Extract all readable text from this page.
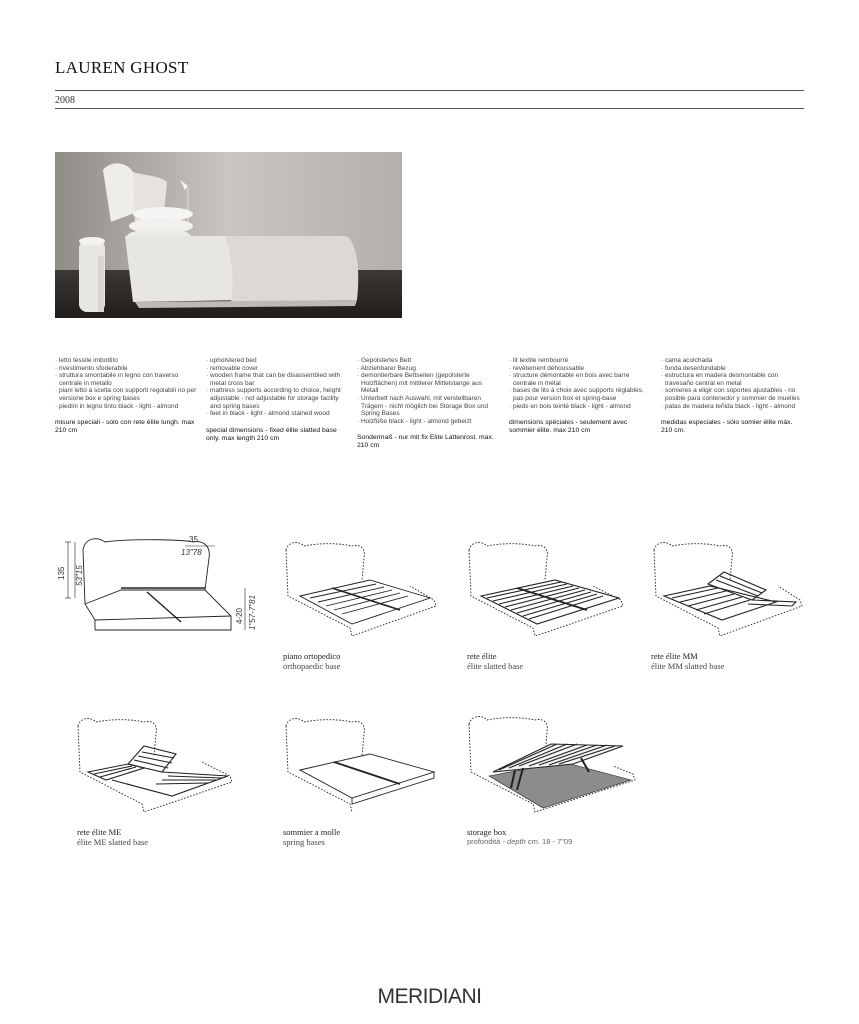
LAUREN GHOST
2008
· letto tessile imbottito
· rivestimento sfoderabile
· struttura smontabile in legno con traverso centrale in metallo
· piani letto a scelta con supporti regolabili no per versione box e spring bases
· piedini in legno tinto black - light - almond
misure speciali - solo con rete élite lungh. max 210 cm
· upholstered bed
· removable cover
· wooden frame that can be disassembled with metal cross bar
· mattress supports according to choice, height adjustable - not adjustable for storage facility and spring bases
· feet in black - light - almond stained wood
special dimensions - fixed élite slatted base only. max length 210 cm
· Gepolstertes Bett
· Abziehbarer Bezug
· demontierbare Bettseiten (gepolsterte Holzflächen) mit mittlerer Mittelstange aus Metall
· Unterbett nach Auswahl, mit verstellbaren Trägern - nicht möglich bei Storage Box und Spring Bases
· Holzfüße black - light - almond gebeizt
Sondermaß - nur mit fix Elite Lattenrost. max. 210 cm
· lit textile rembourré
· revêtement déhoussable
· structure démontable en bois avec barre centrale in métal
· bases de lits à choix avec supports réglables, pas pour version box et spring-base
· pieds en bois teinté black - light - almond
dimensions spéciales - seulement avec sommier élite. max 210 cm
· cama acolchada
· funda desenfundable
· estructura en madera desmontable con travesaño central en metal
· somieres a eligir con soportes ajustables - no posible para contenedor y sommier de muelles
· patas de madera teñida black - light - almond
medidas especiales - sólo somier élite máx. 210 cm.
35
13"78
135 53"15
4-20 1"57-7"81
piano ortopedico
orthopaedic base
rete élite
élite slatted base
rete élite MM
élite MM slatted base
rete élite ME
élite ME slatted base
sommier a molle
spring bases
storage box
profondità - depth cm. 18 - 7"09
MERIDIANI
